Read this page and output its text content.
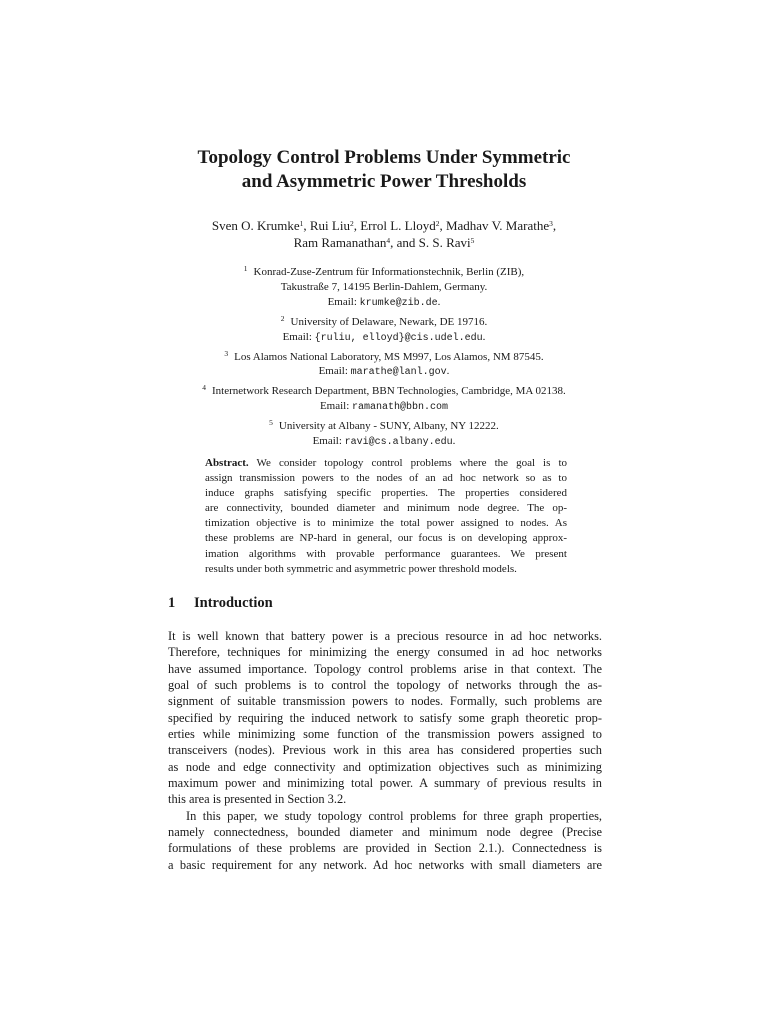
Topology Control Problems Under Symmetric
and Asymmetric Power Thresholds
Sven O. Krumke$^1$, Rui Liu$^2$, Errol L. Lloyd$^2$, Madhav V. Marathe$^3$,
Ram Ramanathan$^4$, and S. S. Ravi$^5$
$^1$ Konrad-Zuse-Zentrum für Informationstechnik, Berlin (ZIB),
Takustraße 7, 14195 Berlin-Dahlem, Germany.
Email: krumke@zib.de.
$^2$ University of Delaware, Newark, DE 19716.
Email: {ruliu, elloyd}@cis.udel.edu.
$^3$ Los Alamos National Laboratory, MS M997, Los Alamos, NM 87545.
Email: marathe@lanl.gov.
$^4$ Internetwork Research Department, BBN Technologies, Cambridge, MA 02138.
Email: ramanath@bbn.com
$^5$ University at Albany - SUNY, Albany, NY 12222.
Email: ravi@cs.albany.edu.
Abstract. We consider topology control problems where the goal is to
assign transmission powers to the nodes of an ad hoc network so as to
induce graphs satisfying specific properties. The properties considered
are connectivity, bounded diameter and minimum node degree. The op-
timization objective is to minimize the total power assigned to nodes. As
these problems are NP-hard in general, our focus is on developing approx-
imation algorithms with provable performance guarantees. We present
results under both symmetric and asymmetric power threshold models.
1 Introduction
It is well known that battery power is a precious resource in ad hoc networks.
Therefore, techniques for minimizing the energy consumed in ad hoc networks
have assumed importance. Topology control problems arise in that context. The
goal of such problems is to control the topology of networks through the as-
signment of suitable transmission powers to nodes. Formally, such problems are
specified by requiring the induced network to satisfy some graph theoretic prop-
erties while minimizing some function of the transmission powers assigned to
transceivers (nodes). Previous work in this area has considered properties such
as node and edge connectivity and optimization objectives such as minimizing
maximum power and minimizing total power. A summary of previous results in
this area is presented in Section 3.2.
In this paper, we study topology control problems for three graph properties,
namely connectedness, bounded diameter and minimum node degree (Precise
formulations of these problems are provided in Section 2.1.). Connectedness is
a basic requirement for any network. Ad hoc networks with small diameters are
